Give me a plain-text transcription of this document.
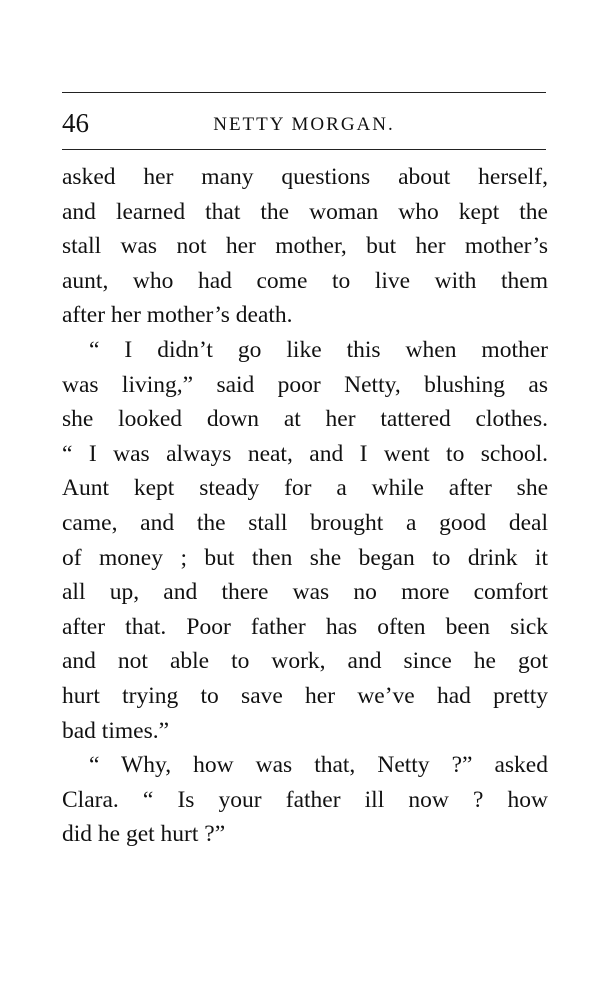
46	NETTY MORGAN.
asked her many questions about herself,
and learned that the woman who kept the
stall was not her mother, but her mother’s
aunt, who had come to live with them
after her mother’s death.
“ I didn’t go like this when mother
was living,” said poor Netty, blushing as
she looked down at her tattered clothes.
“ I was always neat, and I went to school.
Aunt kept steady for a while after she
came, and the stall brought a good deal
of money ; but then she began to drink it
all up, and there was no more comfort
after that. Poor father has often been sick
and not able to work, and since he got
hurt trying to save her we’ve had pretty
bad times.”
“ Why, how was that, Netty ?” asked
Clara. “ Is your father ill now ? how
did he get hurt ?”
